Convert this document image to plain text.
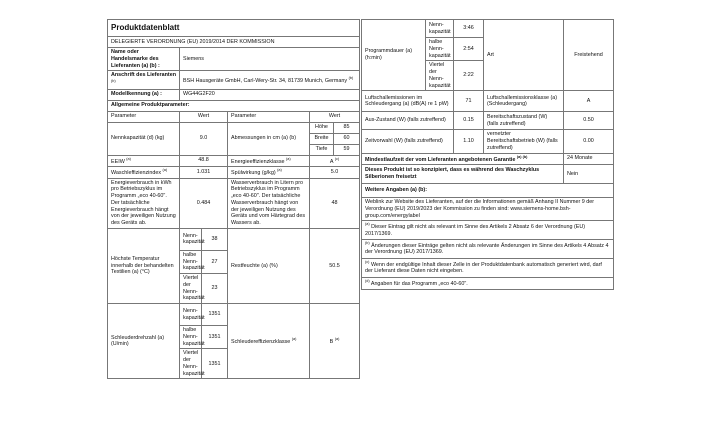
Produktdatenblatt					
DELEGIERTE VERORDNUNG (EU) 2019/2014 DER KOMMISSION					
Name oder Handelsmarke des Lieferanten (a) (b) :	Siemens				
Anschrift des Lieferanten $^{(b)}$	BSH Hausgeräte GmbH, Carl-Wery-Str. 34, 81739 Munich, Germany $^{(b)}$
Modellkennung (a) :	WG44G2F20				
Allgemeine Produktparameter:					
Parameter	Wert		Parameter	Wert	
Nennkapazität (d) (kg)	9.0		Abmessungen in cm (a) (b)	Höhe	85
				Breite	60
				Tiefe	59
EEIW $^{(a)}$	48.8		Energieeffizienzklasse $^{(a)}$	A $^{(c)}$
Waschleffizienzindex $^{(a)}$	1.031		Spülwirkung (g/kg) $^{(a)}$	5.0	
Energieverbrauch in kWh pro Betriebszyklus im Programm „eco 40-60". Der tatsächliche Energieverbrauch hängt von der jeweiligen Nutzung des Geräts ab.	0.484		Wasserverbrauch in Litern pro Betriebszyklus im Programm „eco 40-60". Der tatsächliche Wasserverbrauch hängt von der jeweiligen Nutzung des Geräts und vom Härtegrad des Wassers ab.	48	
Höchste Temperatur innerhalb der behandelten Textilien (a) (°C)	Nenn-kapazität	38	Restfeuchte (a) (%)	50.5	
	halbe Nenn-kapazität	27			
	Viertel der Nenn-kapazität	23			
Schleuderdrehzahl (a) (U/min)	Nenn-kapazität	1351	Schleudereffizienzklasse $^{(a)}$	B $^{(a)}$
	halbe Nenn-kapazität	1351			
	Viertel der Nenn-kapazität	1351			
Programmdauer (a) (h:min)	Nenn-kapazität	3:46	Art	Freistehend
	halbe Nenn-kapazität	2:54		
	Viertel der Nenn-kapazität	2:22		
Luftschallemissionen im Schleudergang (a) (dB(A) re 1 pW)		71	Luftschallemissionsklasse (a) (Schleudergang)	A
Aus-Zustand (W) (falls zutreffend)		0.15	Bereitschaftszustand (W) (falls zutreffend)	0.50
Zeitvorwahl (W) (falls zutreffend)		1.10	vernetzter Bereitschaftsbetrieb (W) (falls zutreffend)	0.00
Mindestlaufzeit der vom Lieferanten angebotenen Garantie $^{(a) (b)}$				24 Monate
Dieses Produkt ist so konzipiert, dass es während des Waschzyklus Silberionen freisetzt				Nein
Weitere Angaben (a) (b):				
Weblink zur Website des Lieferanten, auf der die Informationen gemäß Anhang II Nummer 9 der Verordnung (EU) 2019/2023 der Kommission zu finden sind: www.siemens-home.bsh-group.com/energylabel				
$^{(a)}$ Dieser Eintrag gilt nicht als relevant im Sinne des Artikels 2 Absatz 6 der Verordnung (EU) 2017/1369.				
$^{(b)}$ Änderungen dieser Einträge gelten nicht als relevante Änderungen im Sinne des Artikels 4 Absatz 4 der Verordnung (EU) 2017/1369.				
$^{(c)}$ Wenn der endgültige Inhalt dieser Zelle in der Produktdatenbank automatisch generiert wird, darf der Lieferant diese Daten nicht eingeben.				
$^{(d)}$ Angaben für das Programm „eco 40-60".				
